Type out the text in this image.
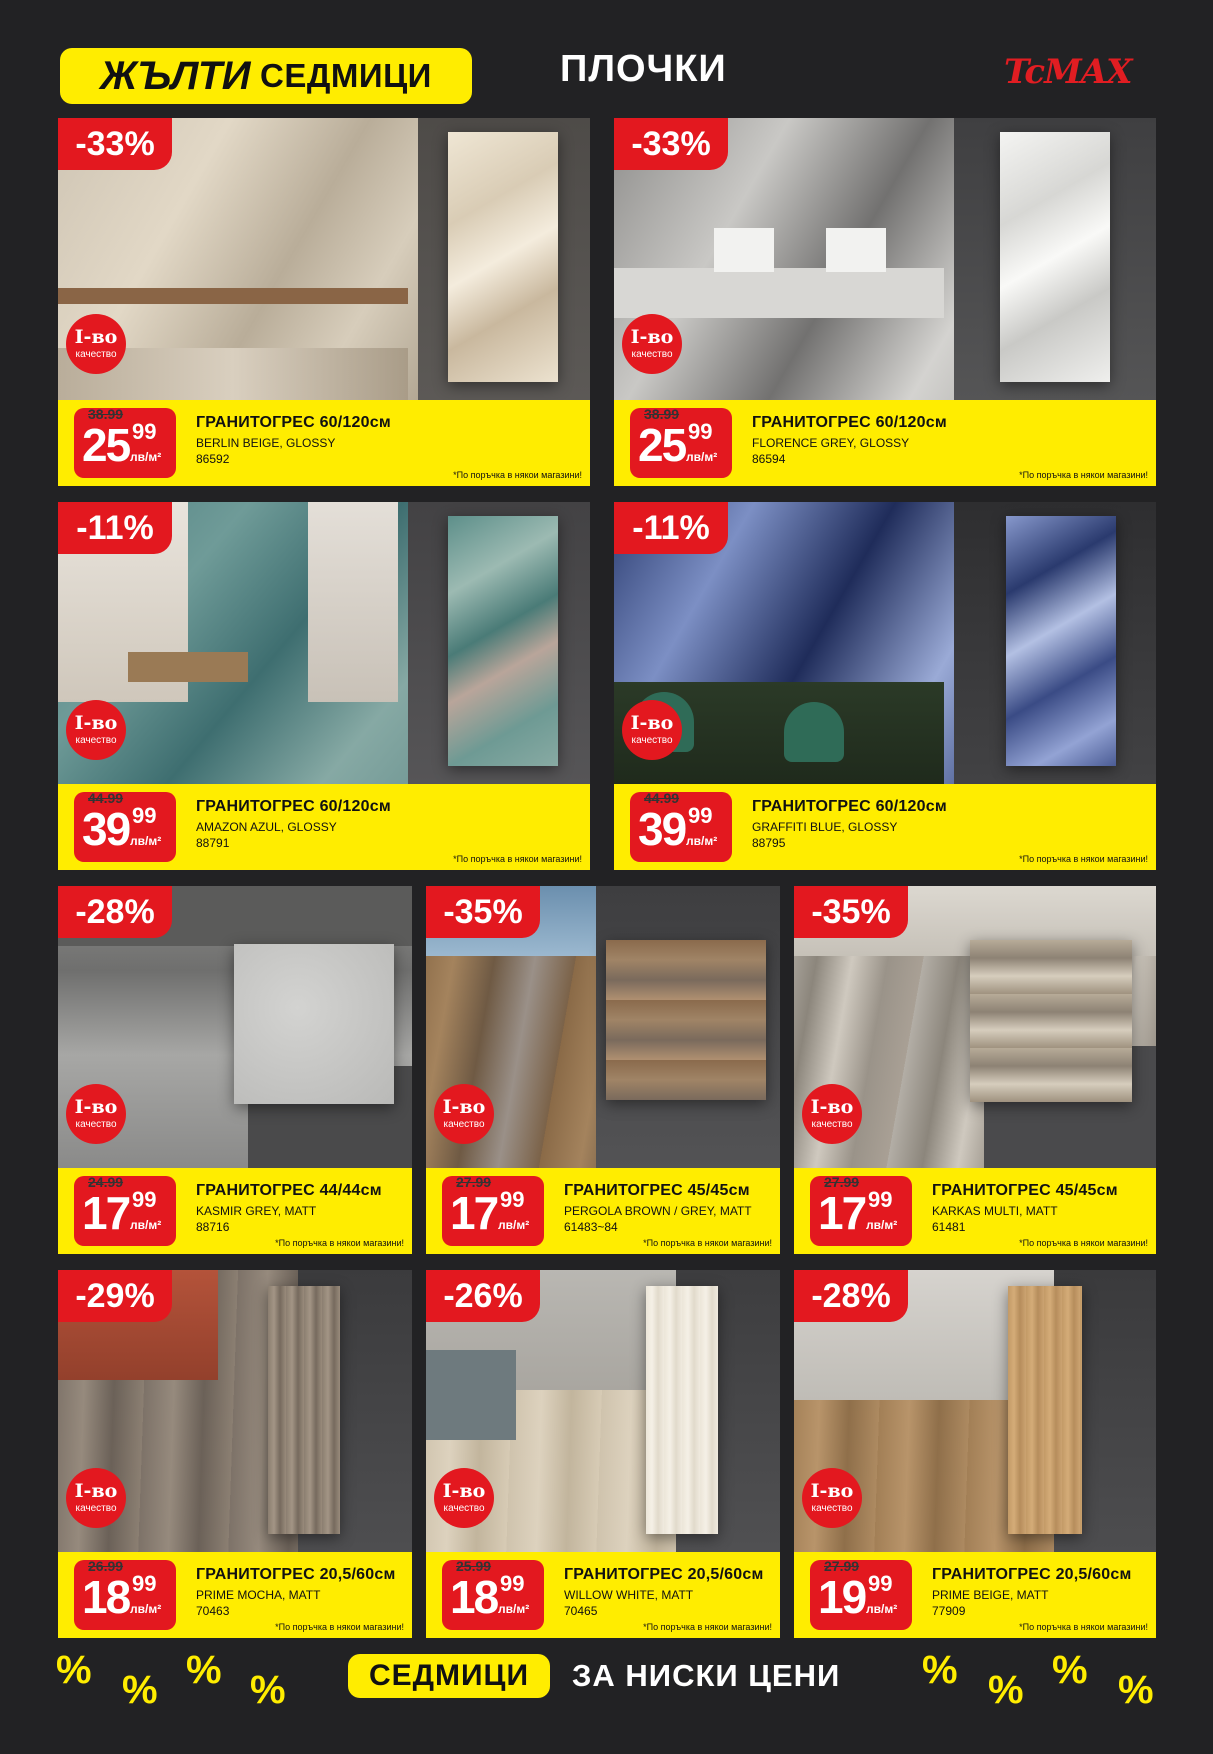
ЖЪЛТИ СЕДМИЦИ	ПЛОЧКИ	TcMAX
-33%
I-во
качество
38.99
25 99
лв/м²
ГРАНИТОГРЕС 60/120см
BERLIN BEIGE, GLOSSY
86592
*По поръчка в някои магазини!
-33%
I-во
качество
38.99
25 99
лв/м²
ГРАНИТОГРЕС 60/120см
FLORENCE GREY, GLOSSY
86594
*По поръчка в някои магазини!
-11%
I-во
качество
44.99
39 99
лв/м²
ГРАНИТОГРЕС 60/120см
AMAZON AZUL, GLOSSY
88791
*По поръчка в някои магазини!
-11%
I-во
качество
44.99
39 99
лв/м²
ГРАНИТОГРЕС 60/120см
GRAFFITI BLUE, GLOSSY
88795
*По поръчка в някои магазини!
-28%
I-во
качество
24.99
17 99
лв/м²
ГРАНИТОГРЕС 44/44см
KASMIR GREY, MATT
88716
*По поръчка в някои магазини!
-35%
I-во
качество
27.99
17 99
лв/м²
ГРАНИТОГРЕС 45/45см
PERGOLA BROWN / GREY, MATT
61483~84
*По поръчка в някои магазини!
-35%
I-во
качество
27.99
17 99
лв/м²
ГРАНИТОГРЕС 45/45см
KARKAS MULTI, MATT
61481
*По поръчка в някои магазини!
-29%
I-во
качество
26.99
18 99
лв/м²
ГРАНИТОГРЕС 20,5/60см
PRIME MOCHA, MATT
70463
*По поръчка в някои магазини!
-26%
I-во
качество
25.99
18 99
лв/м²
ГРАНИТОГРЕС 20,5/60см
WILLOW WHITE, MATT
70465
*По поръчка в някои магазини!
-28%
I-во
качество
27.99
19 99
лв/м²
ГРАНИТОГРЕС 20,5/60см
PRIME BEIGE, MATT
77909
*По поръчка в някои магазини!
% % % %	СЕДМИЦИ	ЗА НИСКИ ЦЕНИ % % % %
